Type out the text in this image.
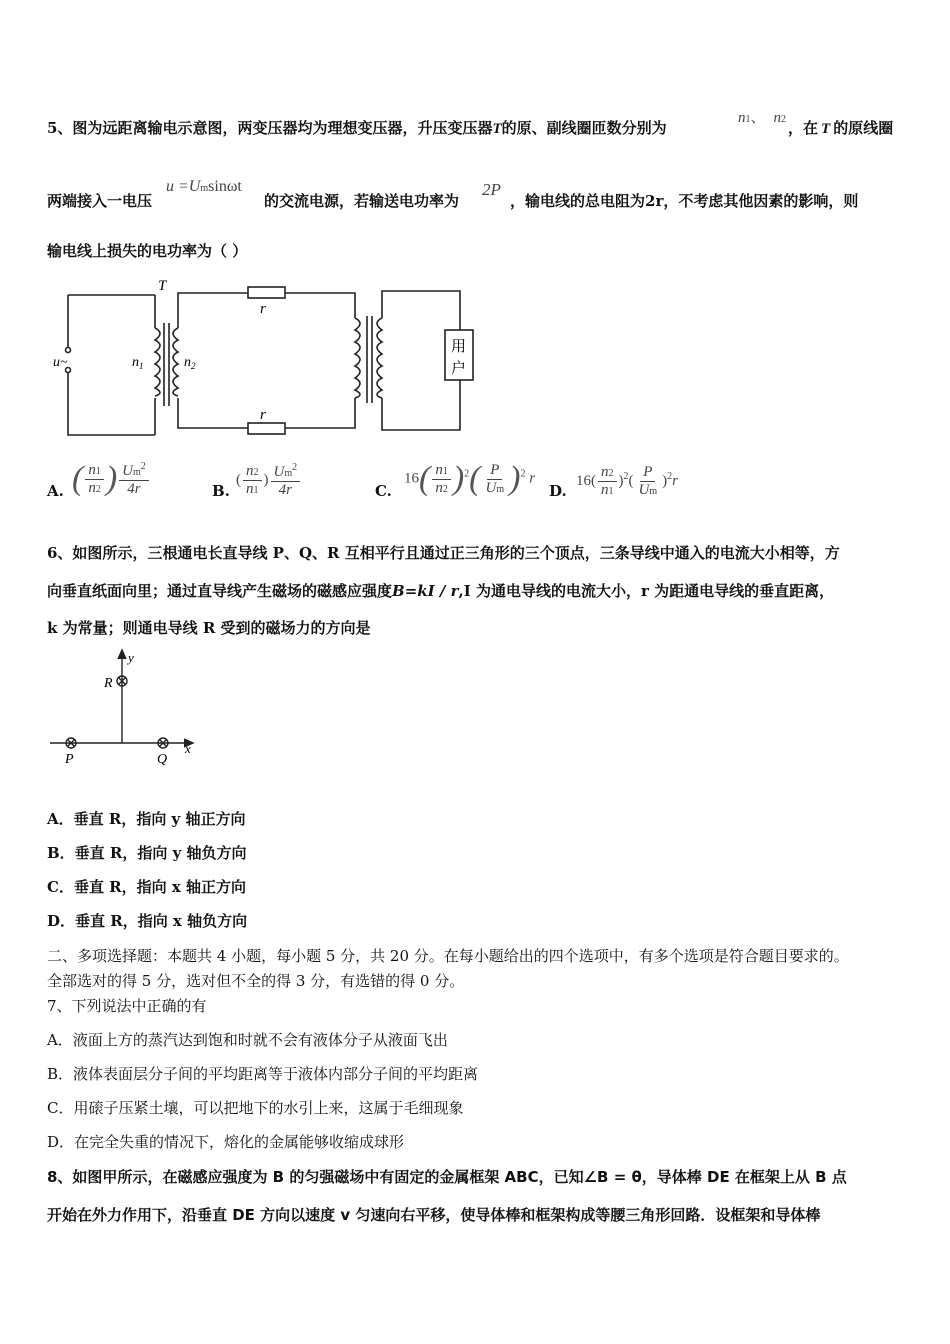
5、图为远距离输电示意图，两变压器均为理想变压器，升压变压器T的原、副线圈匝数分别为
n1、 n2 ，在 T 的原线圈
两端接入一电压
u =Umsinωt
的交流电源，若输送电功率为
2P
，输电线的总电阻为2r，不考虑其他因素的影响，则
输电线上损失的电功率为（ ）
T
r
r
u~	$n_1$	$n_2$
用
户
A. ( $\frac{n1}{n2}$ ) $\frac{Um^2}{4r}$	B.
( $\frac{n2}{n1}$ ) $\frac{Um^2}{4r}$	C.
$16( \frac{n1}{n2} )^2( \frac{P}{Um} )^2$ r
D.
$16( \frac{n2}{n1} )^2( \frac{P}{Um} )^2r$
6、如图所示，三根通电长直导线 P、Q、R 互相平行且通过正三角形的三个顶点，三条导线中通入的电流大小相等，方
向垂直纸面向里；通过直导线产生磁场的磁感应强度B=kI / r,I 为通电导线的电流大小，r 为距通电导线的垂直距离，
k 为常量；则通电导线 R 受到的磁场力的方向是
y
x
R
P	Q
A．垂直 R，指向 y 轴正方向
B．垂直 R，指向 y 轴负方向
C．垂直 R，指向 x 轴正方向
D．垂直 R，指向 x 轴负方向
二、多项选择题：本题共 4 小题，每小题 5 分，共 20 分。在每小题给出的四个选项中，有多个选项是符合题目要求的。
全部选对的得 5 分，选对但不全的得 3 分，有选错的得 0 分。
7、下列说法中正确的有
A．液面上方的蒸汽达到饱和时就不会有液体分子从液面飞出
B．液体表面层分子间的平均距离等于液体内部分子间的平均距离
C．用磙子压紧土壤，可以把地下的水引上来，这属于毛细现象
D．在完全失重的情况下，熔化的金属能够收缩成球形
8、如图甲所示，在磁感应强度为 B 的匀强磁场中有固定的金属框架 ABC，已知∠B = θ，导体棒 DE 在框架上从 B 点
开始在外力作用下，沿垂直 DE 方向以速度 v 匀速向右平移，使导体棒和框架构成等腰三角形回路．设框架和导体棒
